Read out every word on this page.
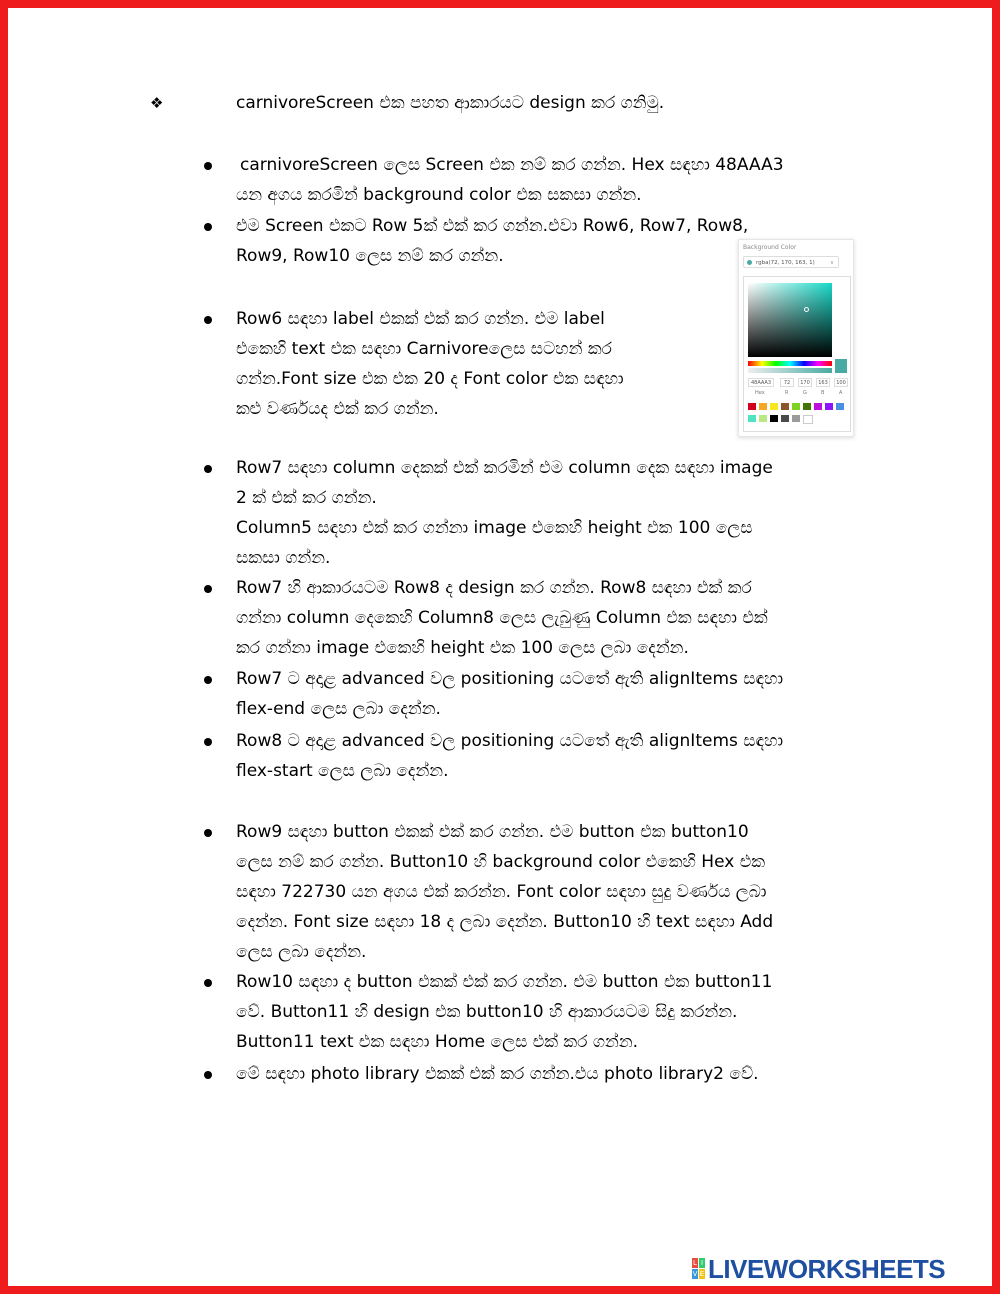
❖	carnivoreScreen එක පහත ආකාරයට design කර ගනිමු.
carnivoreScreen ලෙස Screen එක නම් කර ගන්න. Hex සඳහා 48AAA3
යන අගය කරමින් background color එක සකසා ගන්න.
එම Screen එකට Row 5ක් එක් කර ගන්න.එවා Row6, Row7, Row8,
Row9, Row10 ලෙස නම් කර ගන්න.
Row6 සඳහා label එකක් එක් කර ගන්න. එම label
එකෙහි text එක සඳහා Carnivoreලෙස සටහන් කර
ගන්න.Font size එක එක 20 ද Font color එක සඳහා
කළු වර්ණයද එක් කර ගන්න.
Row7 සඳහා column දෙකක් එක් කරමින් එම column දෙක සඳහා image
2 ක් එක් කර ගන්න.
Column5 සඳහා එක් කර ගන්නා image එකෙහි height එක 100 ලෙස
සකසා ගන්න.
Row7 හි ආකාරයටම Row8 ද design කර ගන්න. Row8 සඳහා එක් කර
ගන්නා column දෙකෙහි Column8 ලෙස ලැබුණු Column එක සඳහා එක්
කර ගන්නා image එකෙහි height එක 100 ලෙස ලබා දෙන්න.
Row7 ට අදාළ advanced වල positioning යටතේ ඇති alignItems සඳහා
flex-end ලෙස ලබා දෙන්න.
Row8 ට අදාළ advanced වල positioning යටතේ ඇති alignItems සඳහා
flex-start ලෙස ලබා දෙන්න.
Row9 සඳහා button එකක් එක් කර ගන්න. එම button එක button10
ලෙස නම් කර ගන්න. Button10 හි background color එකෙහි Hex එක
සඳහා 722730 යන අගය එක් කරන්න. Font color සඳහා සුදු වර්ණය ලබා
දෙන්න. Font size සඳහා 18 ද ලබා දෙන්න. Button10 හි text සඳහා Add
ලෙස ලබා දෙන්න.
Row10 සඳහා ද button එකක් එක් කර ගන්න. එම button එක button11
වේ. Button11 හි design එක button10 හි ආකාරයටම සිදු කරන්න.
Button11 text එක සඳහා Home ලෙස එක් කර ගන්න.
මේ සඳහා photo library එකක් එක් කර ගන්න.එය photo library2 වේ.
Background Color
rgba(72, 170, 163, 1)	∨
48AAA3	72	170	163	100
Hex	R	G	B	A
L I
V E LIVEWORKSHEETS
